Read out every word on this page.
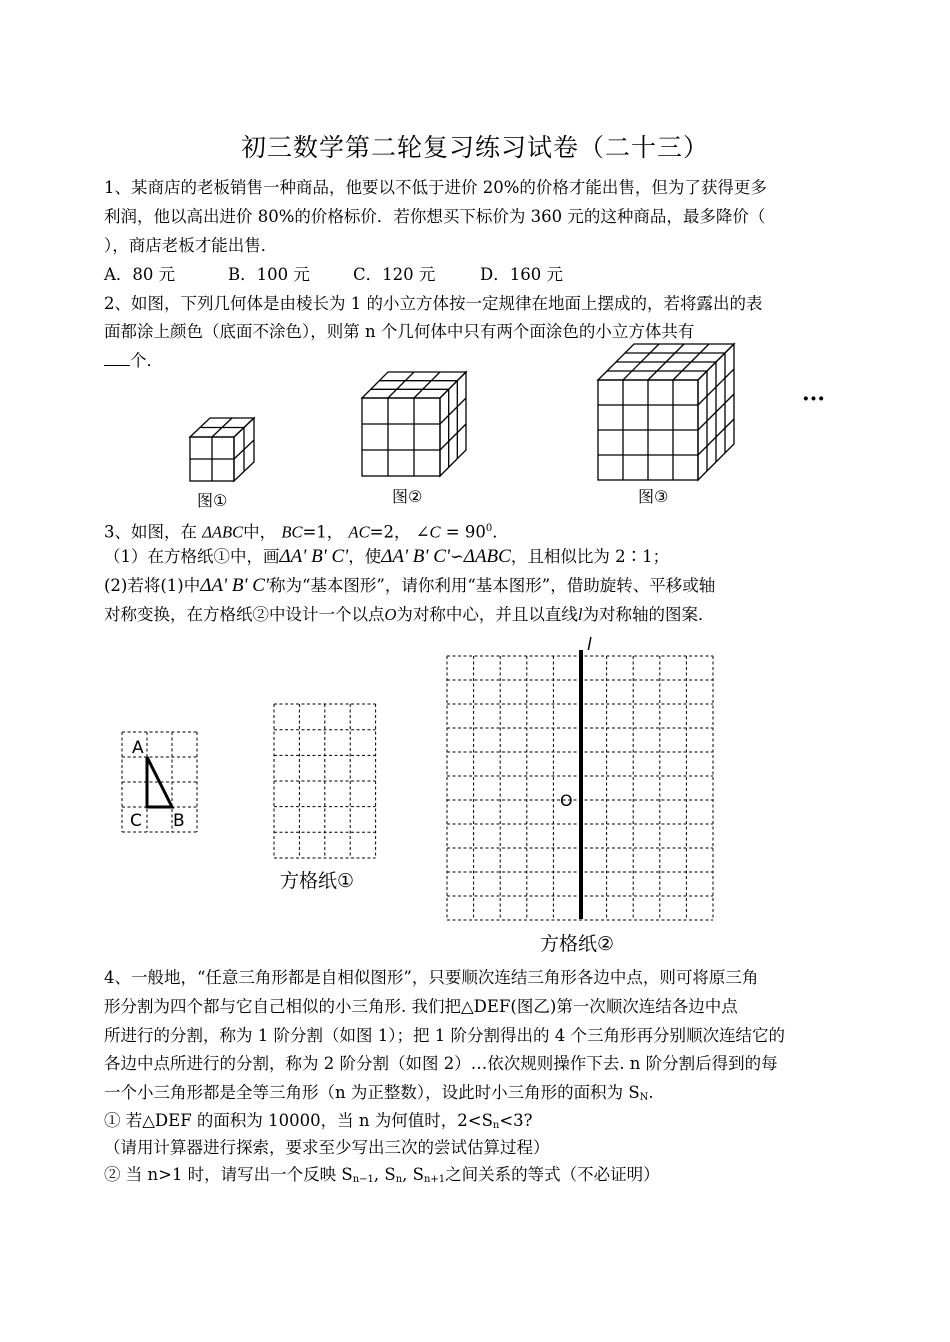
初三数学第二轮复习练习试卷（二十三）
1、某商店的老板销售一种商品，他要以不低于进价 20%的价格才能出售，但为了获得更多
利润，他以高出进价 80%的价格标价．若你想买下标价为 360 元的这种商品，最多降价（
），商店老板才能出售．
A．80 元	B．100 元	C．120 元	D．160 元
2、如图，下列几何体是由棱长为 1 的小立方体按一定规律在地面上摆成的，若将露出的表
面都涂上颜色（底面不涂色），则第 n 个几何体中只有两个面涂色的小立方体共有
个．
图①	图②	图③
···
3、如图，在 ΔABC中， BC=1， AC=2， ∠C = $90^0$．
（1）在方格纸①中，画ΔA' B' C'，使ΔA' B' C'∽ΔABC，且相似比为 2∶1；
(2)若将(1)中ΔA' B' C'称为“基本图形”，请你利用“基本图形”，借助旋转、平移或轴
对称变换，在方格纸②中设计一个以点O为对称中心，并且以直线l为对称轴的图案．
A
C B
方格纸①
l
O
方格纸②
4、一般地，“任意三角形都是自相似图形”，只要顺次连结三角形各边中点，则可将原三角
形分割为四个都与它自己相似的小三角形. 我们把△DEF(图乙)第一次顺次连结各边中点
所进行的分割，称为 1 阶分割（如图 1）；把 1 阶分割得出的 4 个三角形再分别顺次连结它的
各边中点所进行的分割，称为 2 阶分割（如图 2）…依次规则操作下去. n 阶分割后得到的每
一个小三角形都是全等三角形（n 为正整数），设此时小三角形的面积为 $S_N$.
① 若△DEF 的面积为 10000，当 n 为何值时，$2<S_n<3$?
（请用计算器进行探索，要求至少写出三次的尝试估算过程）
② 当 n>1 时，请写出一个反映 $S_{n-1}$, $S_n$, $S_{n+1}$之间关系的等式（不必证明）
